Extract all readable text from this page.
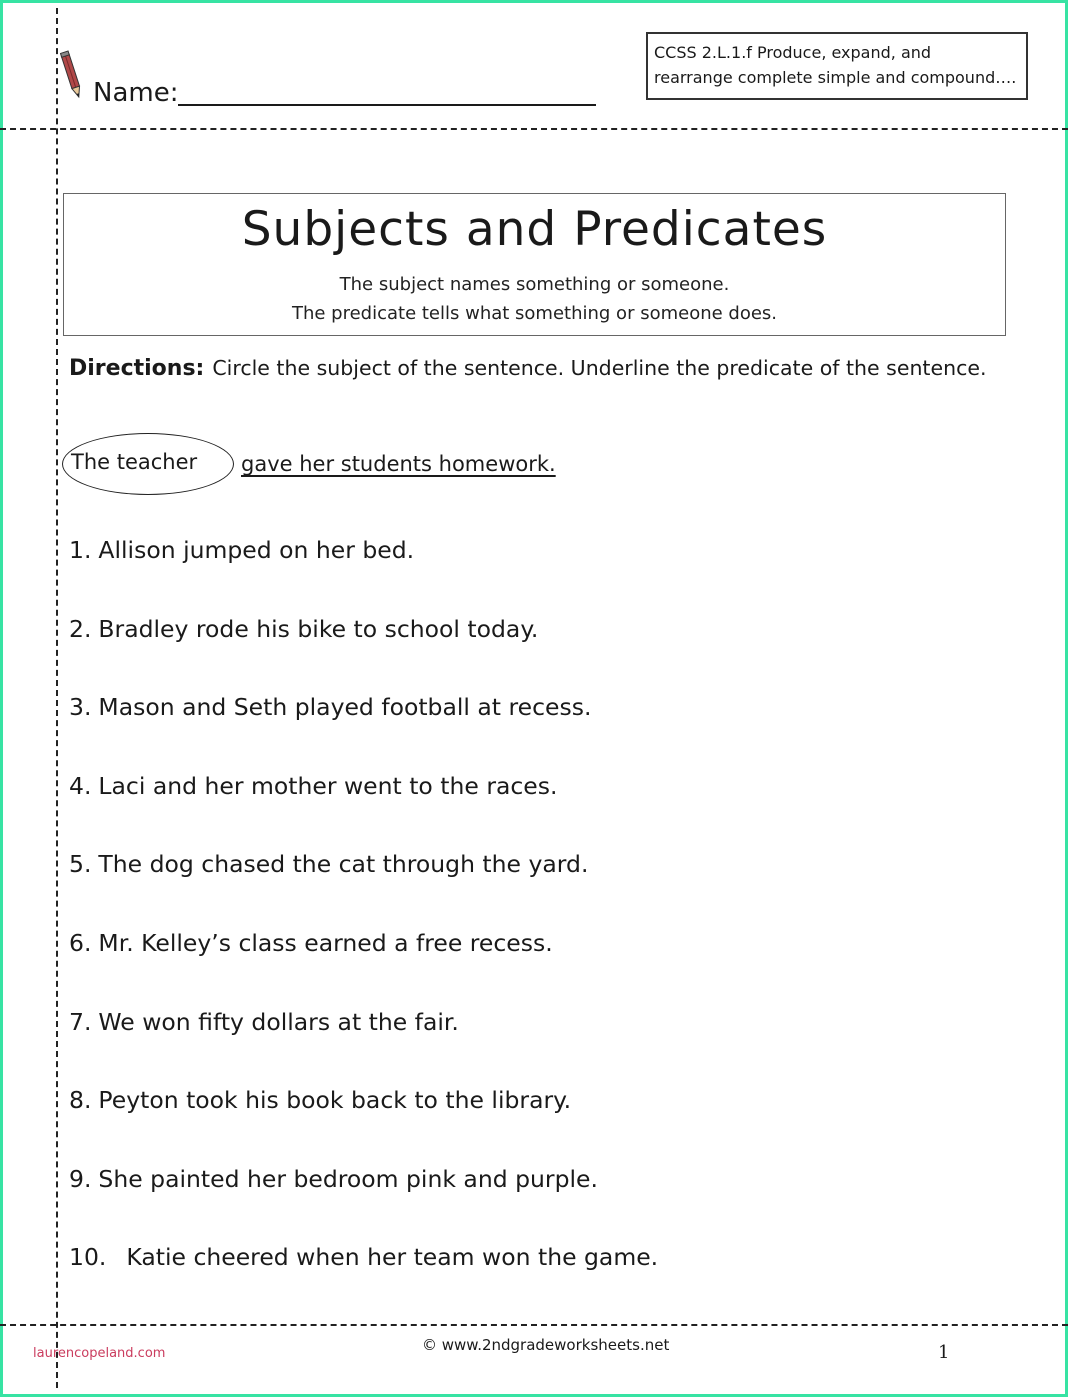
Name:
CCSS 2.L.1.f Produce, expand, and
rearrange complete simple and compound….
Subjects and Predicates
The subject names something or someone.
The predicate tells what something or someone does.
Directions: Circle the subject of the sentence. Underline the predicate of the sentence.
The teacher gave her students homework.
1. Allison jumped on her bed.
2. Bradley rode his bike to school today.
3. Mason and Seth played football at recess.
4. Laci and her mother went to the races.
5. The dog chased the cat through the yard.
6. Mr. Kelley’s class earned a free recess.
7. We won fifty dollars at the fair.
8. Peyton took his book back to the library.
9. She painted her bedroom pink and purple.
10. Katie cheered when her team won the game.
laurencopeland.com	© www.2ndgradeworksheets.net	1
